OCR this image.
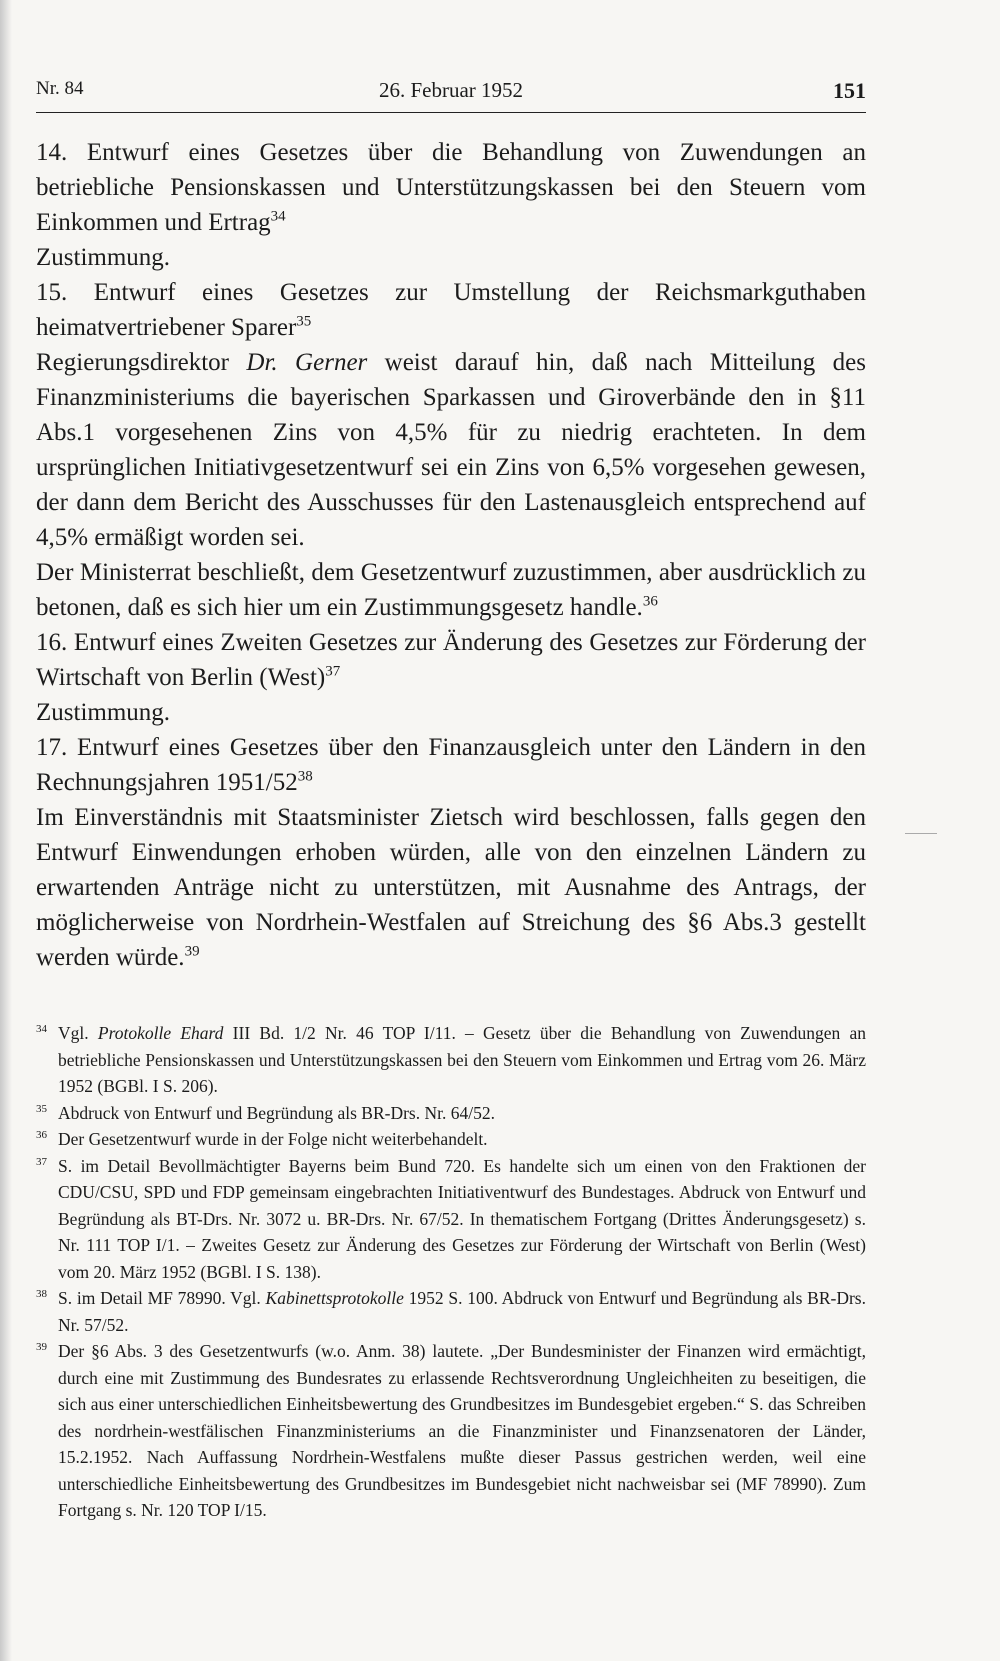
Nr. 84	26. Februar 1952	151

14. Entwurf eines Gesetzes über die Behandlung von Zuwendungen an betriebliche Pensionskassen und Unterstützungskassen bei den Steuern vom Einkommen und Ertrag$^{34}$

Zustimmung.

15. Entwurf eines Gesetzes zur Umstellung der Reichsmarkguthaben heimatvertriebener Sparer$^{35}$

Regierungsdirektor Dr. Gerner weist darauf hin, daß nach Mitteilung des Finanzministeriums die bayerischen Sparkassen und Giroverbände den in §11 Abs.1 vorgesehenen Zins von 4,5% für zu niedrig erachteten. In dem ursprünglichen Initiativgesetzentwurf sei ein Zins von 6,5% vorgesehen gewesen, der dann dem Bericht des Ausschusses für den Lastenausgleich entsprechend auf 4,5% ermäßigt worden sei.

Der Ministerrat beschließt, dem Gesetzentwurf zuzustimmen, aber ausdrücklich zu betonen, daß es sich hier um ein Zustimmungsgesetz handle.$^{36}$

16. Entwurf eines Zweiten Gesetzes zur Änderung des Gesetzes zur Förderung der Wirtschaft von Berlin (West)$^{37}$

Zustimmung.

17. Entwurf eines Gesetzes über den Finanzausgleich unter den Ländern in den Rechnungsjahren $1951/52^{38}$

Im Einverständnis mit Staatsminister Zietsch wird beschlossen, falls gegen den Entwurf Einwendungen erhoben würden, alle von den einzelnen Ländern zu erwartenden Anträge nicht zu unterstützen, mit Ausnahme des Antrags, der möglicherweise von Nordrhein-Westfalen auf Streichung des §6 Abs.3 gestellt werden würde.$^{39}$

34 Vgl. Protokolle Ehard III Bd. 1/2 Nr. 46 TOP I/11. – Gesetz über die Behandlung von Zuwendungen an betriebliche Pensionskassen und Unterstützungskassen bei den Steuern vom Einkommen und Ertrag vom 26. März 1952 (BGBl. I S. 206).
35 Abdruck von Entwurf und Begründung als BR-Drs. Nr. 64/52.
36 Der Gesetzentwurf wurde in der Folge nicht weiterbehandelt.
37 S. im Detail Bevollmächtigter Bayerns beim Bund 720. Es handelte sich um einen von den Fraktionen der CDU/CSU, SPD und FDP gemeinsam eingebrachten Initiativentwurf des Bundestages. Abdruck von Entwurf und Begründung als BT-Drs. Nr. 3072 u. BR-Drs. Nr. 67/52. In thematischem Fortgang (Drittes Änderungsgesetz) s. Nr. 111 TOP I/1. – Zweites Gesetz zur Änderung des Gesetzes zur Förderung der Wirtschaft von Berlin (West) vom 20. März 1952 (BGBl. I S. 138).
38 S. im Detail MF 78990. Vgl. Kabinettsprotokolle 1952 S. 100. Abdruck von Entwurf und Begründung als BR-Drs. Nr. 57/52.
39 Der §6 Abs. 3 des Gesetzentwurfs (w.o. Anm. 38) lautete. „Der Bundesminister der Finanzen wird ermächtigt, durch eine mit Zustimmung des Bundesrates zu erlassende Rechtsverordnung Ungleichheiten zu beseitigen, die sich aus einer unterschiedlichen Einheitsbewertung des Grundbesitzes im Bundesgebiet ergeben.“ S. das Schreiben des nordrhein-westfälischen Finanzministeriums an die Finanzminister und Finanzsenatoren der Länder, 15.2.1952. Nach Auffassung Nordrhein-Westfalens mußte dieser Passus gestrichen werden, weil eine unterschiedliche Einheitsbewertung des Grundbesitzes im Bundesgebiet nicht nachweisbar sei (MF 78990). Zum Fortgang s. Nr. 120 TOP I/15.
